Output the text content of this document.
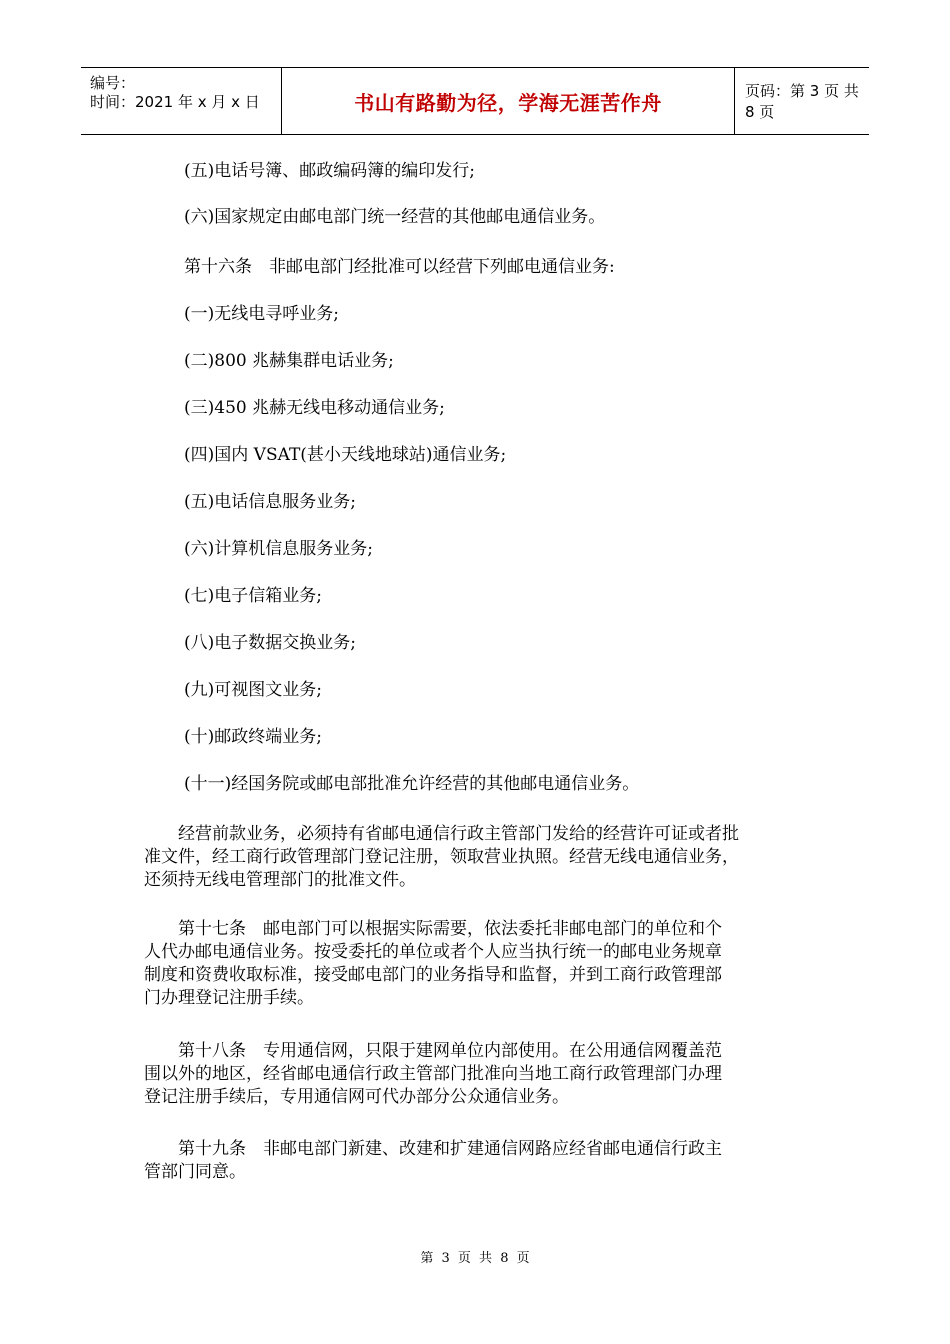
编号：
时间：2021 年 x 月 x 日	书山有路勤为径，学海无涯苦作舟	页码：第 3 页 共 8 页
(五)电话号簿、邮政编码簿的编印发行;
(六)国家规定由邮电部门统一经营的其他邮电通信业务。
第十六条　非邮电部门经批准可以经营下列邮电通信业务:
(一)无线电寻呼业务;
(二)800 兆赫集群电话业务;
(三)450 兆赫无线电移动通信业务;
(四)国内 VSAT(甚小天线地球站)通信业务;
(五)电话信息服务业务;
(六)计算机信息服务业务;
(七)电子信箱业务;
(八)电子数据交换业务;
(九)可视图文业务;
(十)邮政终端业务;
(十一)经国务院或邮电部批准允许经营的其他邮电通信业务。
　　经营前款业务，必须持有省邮电通信行政主管部门发给的经营许可证或者批
准文件，经工商行政管理部门登记注册，领取营业执照。经营无线电通信业务，
还须持无线电管理部门的批准文件。
　　第十七条　邮电部门可以根据实际需要，依法委托非邮电部门的单位和个
人代办邮电通信业务。按受委托的单位或者个人应当执行统一的邮电业务规章
制度和资费收取标准，接受邮电部门的业务指导和监督，并到工商行政管理部
门办理登记注册手续。
　　第十八条　专用通信网，只限于建网单位内部使用。在公用通信网覆盖范
围以外的地区，经省邮电通信行政主管部门批准向当地工商行政管理部门办理
登记注册手续后，专用通信网可代办部分公众通信业务。
　　第十九条　非邮电部门新建、改建和扩建通信网路应经省邮电通信行政主
管部门同意。
第 3 页 共 8 页
